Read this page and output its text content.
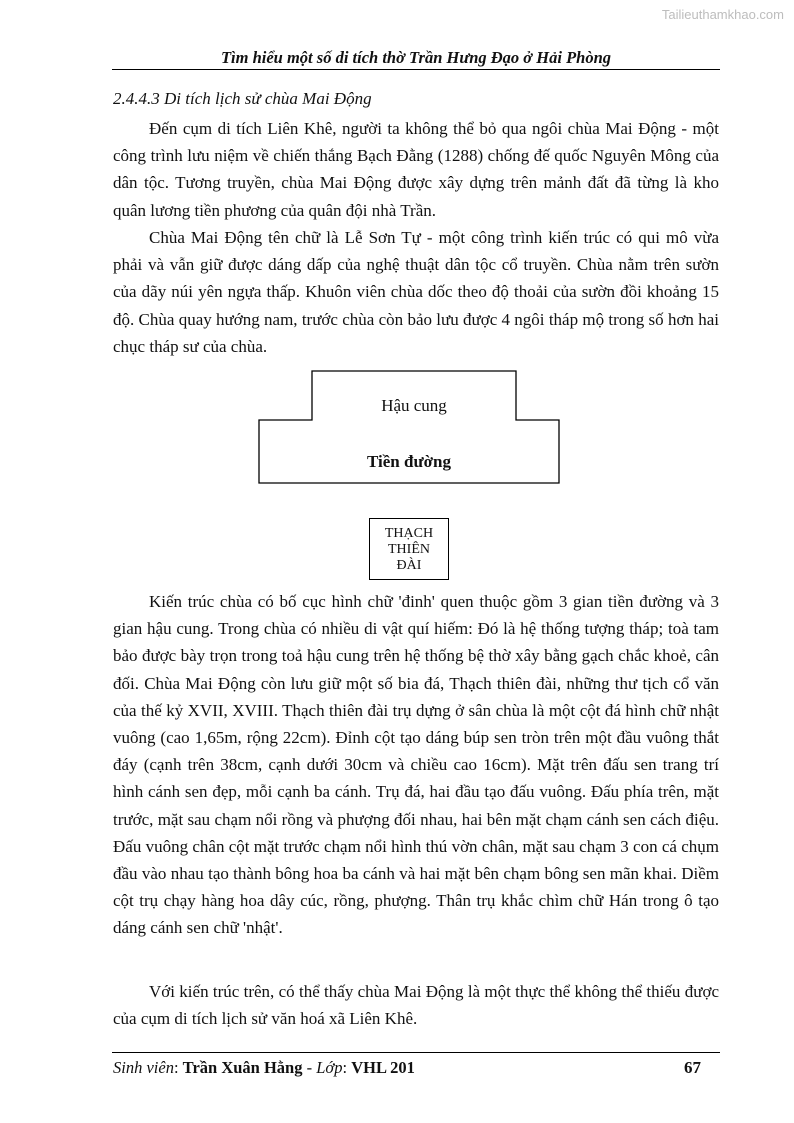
Tailieuthamkhao.com
Tìm hiểu một số di tích thờ Trần Hưng Đạo ở Hải Phòng
2.4.4.3 Di tích lịch sử chùa Mai Động

Đến cụm di tích Liên Khê, người ta không thể bỏ qua ngôi chùa Mai Động - một công trình lưu niệm về chiến thắng Bạch Đằng (1288) chống đế quốc Nguyên Mông của dân tộc. Tương truyền, chùa Mai Động được xây dựng trên mảnh đất đã từng là kho quân lương tiền phương của quân đội nhà Trần.

Chùa Mai Động tên chữ là Lễ Sơn Tự - một công trình kiến trúc có qui mô vừa phải và vẫn giữ được dáng dấp của nghệ thuật dân tộc cổ truyền. Chùa nằm trên sườn của dãy núi yên ngựa thấp. Khuôn viên chùa dốc theo độ thoải của sườn đồi khoảng 15 độ. Chùa quay hướng nam, trước chùa còn bảo lưu được 4 ngôi tháp mộ trong số hơn hai chục tháp sư của chùa.

Hậu cung
Tiền đường
THẠCH
THIÊN
ĐÀI

Kiến trúc chùa có bố cục hình chữ 'đinh' quen thuộc gồm 3 gian tiền đường và 3 gian hậu cung. Trong chùa có nhiều di vật quí hiếm: Đó là hệ thống tượng tháp; toà tam bảo được bày trọn trong toả hậu cung trên hệ thống bệ thờ xây bằng gạch chắc khoẻ, cân đối. Chùa Mai Động còn lưu giữ một số bia đá, Thạch thiên đài, những thư tịch cổ văn của thế kỷ XVII, XVIII. Thạch thiên đài trụ dựng ở sân chùa là một cột đá hình chữ nhật vuông (cao 1,65m, rộng 22cm). Đỉnh cột tạo dáng búp sen tròn trên một đầu vuông thắt đáy (cạnh trên 38cm, cạnh dưới 30cm và chiều cao 16cm). Mặt trên đấu sen trang trí hình cánh sen đẹp, mỗi cạnh ba cánh. Trụ đá, hai đầu tạo đấu vuông. Đấu phía trên, mặt trước, mặt sau chạm nổi rồng và phượng đối nhau, hai bên mặt chạm cánh sen cách điệu. Đấu vuông chân cột mặt trước chạm nổi hình thú vờn chân, mặt sau chạm 3 con cá chụm đầu vào nhau tạo thành bông hoa ba cánh và hai mặt bên chạm bông sen mãn khai. Diềm cột trụ chạy hàng hoa dây cúc, rồng, phượng. Thân trụ khắc chìm chữ Hán trong ô tạo dáng cánh sen chữ 'nhật'.

Với kiến trúc trên, có thể thấy chùa Mai Động là một thực thể không thể thiếu được của cụm di tích lịch sử văn hoá xã Liên Khê.

Sinh viên: Trần Xuân Hằng - Lớp: VHL 201	67
